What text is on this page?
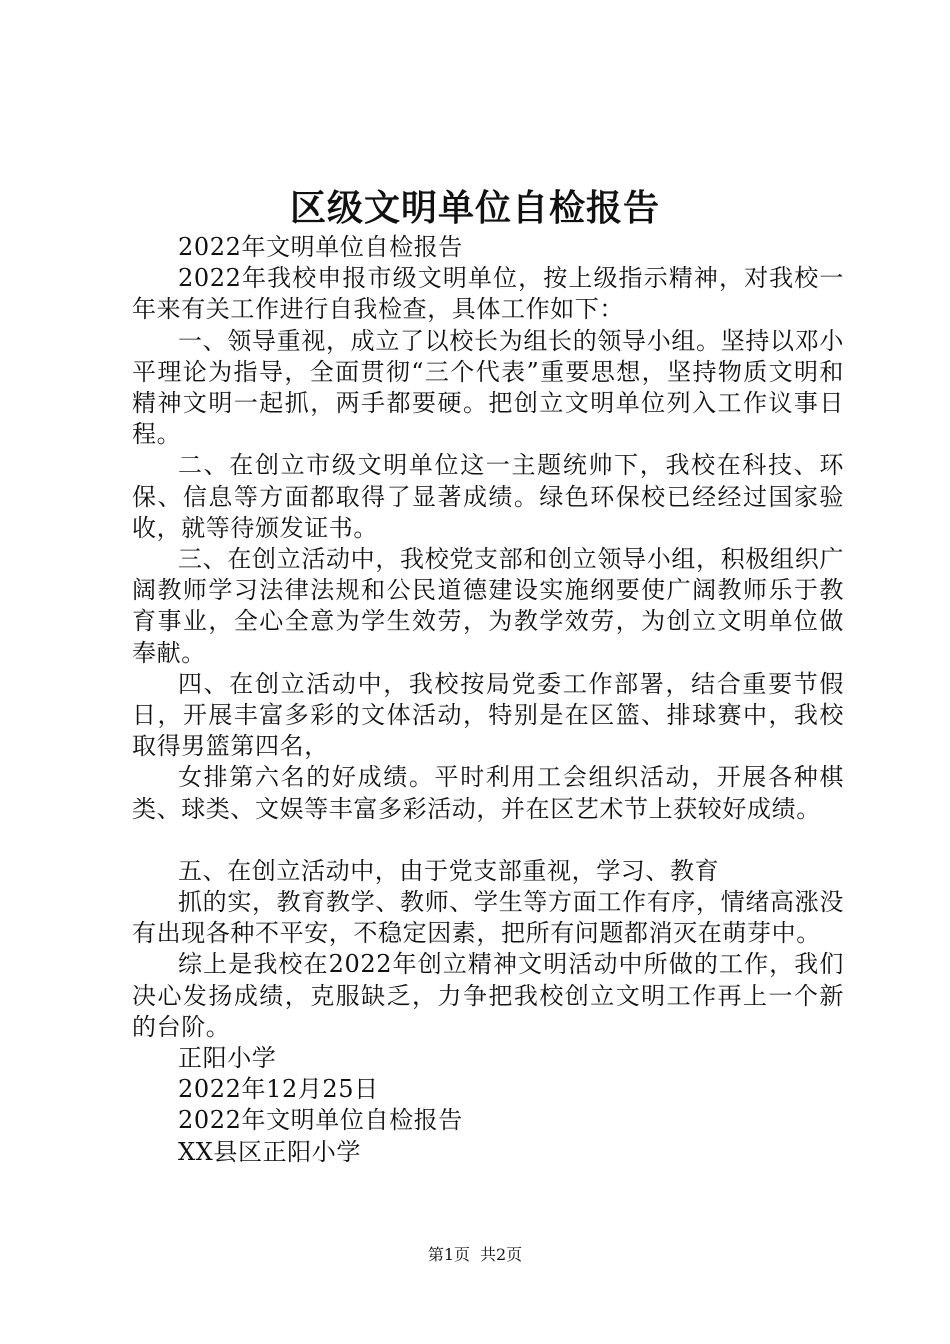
区级文明单位自检报告

2022年文明单位自检报告

2022年我校申报市级文明单位，按上级指示精神，对我校一年来有关工作进行自我检查，具体工作如下：

一、领导重视，成立了以校长为组长的领导小组。坚持以邓小平理论为指导，全面贯彻“三个代表”重要思想，坚持物质文明和精神文明一起抓，两手都要硬。把创立文明单位列入工作议事日程。

二、在创立市级文明单位这一主题统帅下，我校在科技、环保、信息等方面都取得了显著成绩。绿色环保校已经经过国家验收，就等待颁发证书。

三、在创立活动中，我校党支部和创立领导小组，积极组织广阔教师学习法律法规和公民道德建设实施纲要使广阔教师乐于教育事业，全心全意为学生效劳，为教学效劳，为创立文明单位做奉献。

四、在创立活动中，我校按局党委工作部署，结合重要节假日，开展丰富多彩的文体活动，特别是在区篮、排球赛中，我校取得男篮第四名，

女排第六名的好成绩。平时利用工会组织活动，开展各种棋类、球类、文娱等丰富多彩活动，并在区艺术节上获较好成绩。

五、在创立活动中，由于党支部重视，学习、教育

抓的实，教育教学、教师、学生等方面工作有序，情绪高涨没有出现各种不平安，不稳定因素，把所有问题都消灭在萌芽中。

综上是我校在2022年创立精神文明活动中所做的工作，我们决心发扬成绩，克服缺乏，力争把我校创立文明工作再上一个新的台阶。

正阳小学

2022年12月25日

2022年文明单位自检报告

XX县区正阳小学

第1页 共2页
